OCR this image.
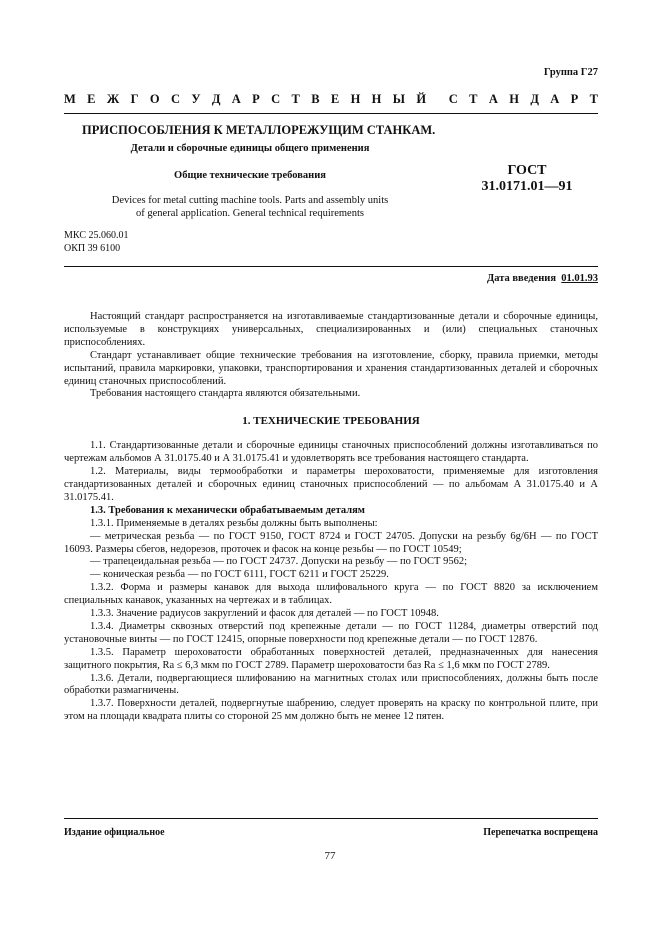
Группа Г27
М Е Ж Г О С У Д А Р С Т В Е Н Н Ы Й С Т А Н Д А Р Т
ПРИСПОСОБЛЕНИЯ К МЕТАЛЛОРЕЖУЩИМ СТАНКАМ.
Детали и сборочные единицы общего применения
Общие технические требования	ГОСТ
31.0171.01—91
Devices for metal cutting machine tools. Parts and assembly units
of general application. General technical requirements
МКС 25.060.01
ОКП 39 6100
Дата введения 01.01.93

Настоящий стандарт распространяется на изготавливаемые стандартизованные детали и сборочные единицы, используемые в конструкциях универсальных, специализированных и (или) специальных станочных приспособлениях.

Стандарт устанавливает общие технические требования на изготовление, сборку, правила приемки, методы испытаний, правила маркировки, упаковки, транспортирования и хранения стандартизованных деталей и сборочных единиц станочных приспособлений.

Требования настоящего стандарта являются обязательными.

1. ТЕХНИЧЕСКИЕ ТРЕБОВАНИЯ

1.1. Стандартизованные детали и сборочные единицы станочных приспособлений должны изготавливаться по чертежам альбомов А 31.0175.40 и А 31.0175.41 и удовлетворять все требования настоящего стандарта.

1.2. Материалы, виды термообработки и параметры шероховатости, применяемые для изготовления стандартизованных деталей и сборочных единиц станочных приспособлений — по альбомам А 31.0175.40 и А 31.0175.41.

1.3. Требования к механически обрабатываемым деталям

1.3.1. Применяемые в деталях резьбы должны быть выполнены:

— метрическая резьба — по ГОСТ 9150, ГОСТ 8724 и ГОСТ 24705. Допуски на резьбу 6g/6Н — по ГОСТ 16093. Размеры сбегов, недорезов, проточек и фасок на конце резьбы — по ГОСТ 10549;

— трапецеидальная резьба — по ГОСТ 24737. Допуски на резьбу — по ГОСТ 9562;

— коническая резьба — по ГОСТ 6111, ГОСТ 6211 и ГОСТ 25229.

1.3.2. Форма и размеры канавок для выхода шлифовального круга — по ГОСТ 8820 за исключением специальных канавок, указанных на чертежах и в таблицах.

1.3.3. Значение радиусов закруглений и фасок для деталей — по ГОСТ 10948.

1.3.4. Диаметры сквозных отверстий под крепежные детали — по ГОСТ 11284, диаметры отверстий под установочные винты — по ГОСТ 12415, опорные поверхности под крепежные детали — по ГОСТ 12876.

1.3.5. Параметр шероховатости обработанных поверхностей деталей, предназначенных для нанесения защитного покрытия, Ra ≤ 6,3 мкм по ГОСТ 2789. Параметр шероховатости баз Ra ≤ 1,6 мкм по ГОСТ 2789.

1.3.6. Детали, подвергающиеся шлифованию на магнитных столах или приспособлениях, должны быть после обработки размагничены.

1.3.7. Поверхности деталей, подвергнутые шабрению, следует проверять на краску по контрольной плите, при этом на площади квадрата плиты со стороной 25 мм должно быть не менее 12 пятен.

Издание официальное	Перепечатка воспрещена
77
